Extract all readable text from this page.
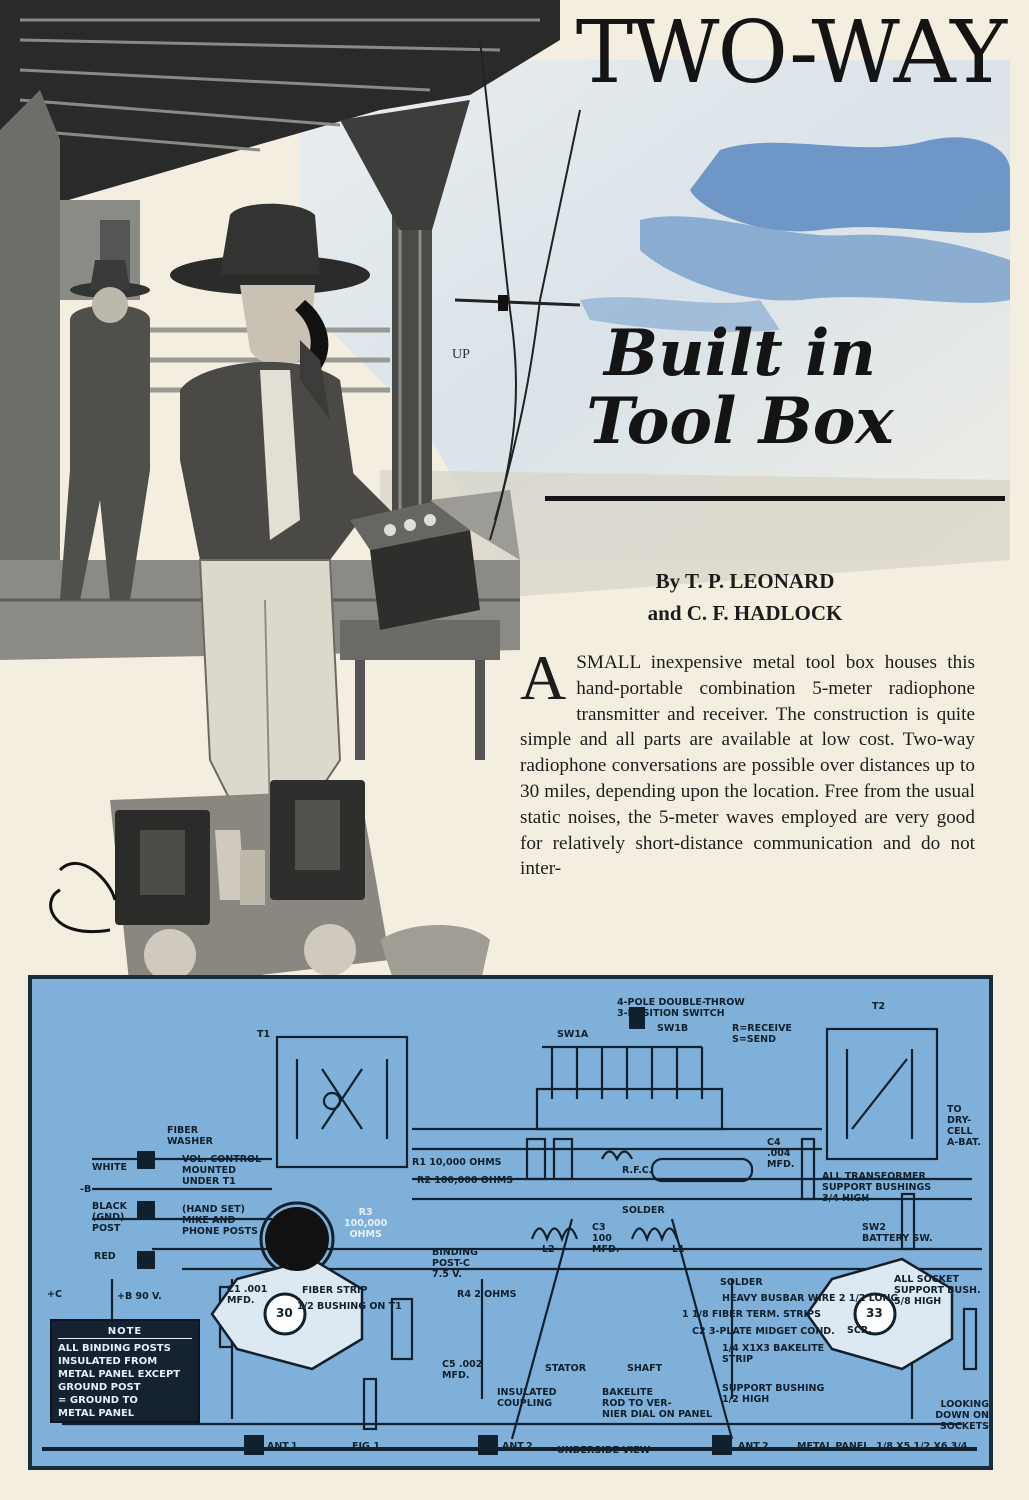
UP
TWO-WAY
Built in
Tool Box
By T. P. LEONARD
and C. F. HADLOCK
A SMALL inexpensive metal tool box houses this hand-portable combination 5-meter radiophone transmitter and receiver. The construction is quite simple and all parts are available at low cost. Two-way radiophone conversations are possible over distances up to 30 miles, depending upon the location. Free from the usual static noises, the 5-meter waves employed are very good for relatively short-distance communication and do not inter-
4-POLE DOUBLE-THROW
3-POSITION SWITCH
SW1A
SW1B	R=RECEIVE
S=SEND
T1
T2
FIBER
WASHER
WHITE
VOL. CONTROL
MOUNTED
UNDER T1
-B
BLACK
(GND)
POST
(HAND SET)
MIKE AND
PHONE POSTS
RED
R1 10,000 OHMS
R2 100,000 OHMS
R.F.C.
C4
.004
MFD.
TO
DRY-CELL
A-BAT.
ALL TRANSFORMER
SUPPORT BUSHINGS
3/4 HIGH
SOLDER
R3
100,000
OHMS
SW2
BATTERY SW.
BINDING
POST-C
7.5 V.
+C	+B 90 V.
C1 .001
MFD.
FIBER STRIP
1/2 BUSHING ON T1
R4 2 OHMS
L2	L1
C3
100
MFD.
SOLDER
HEAVY BUSBAR WIRE 2 1/2 LONG
1 1/8 FIBER TERM. STRIPS
C2 3-PLATE MIDGET COND.
1/4 X1X3 BAKELITE
STRIP
ALL SOCKET
SUPPORT BUSH.
5/8 HIGH
SCR.
C5 .002
MFD.
STATOR	SHAFT
INSULATED
COUPLING
BAKELITE
ROD TO VER-
NIER DIAL ON PANEL
SUPPORT BUSHING
1/2 HIGH	LOOKING
DOWN ON SOCKETS
30	33
ANT.1	FIG.1	ANT.2	UNDERSIDE VIEW	ANT.2	METAL PANEL, 1/8 X5 1/2 X6 3/4
NOTE
ALL BINDING POSTS
INSULATED FROM
METAL PANEL EXCEPT
GROUND POST
= GROUND TO
METAL PANEL
